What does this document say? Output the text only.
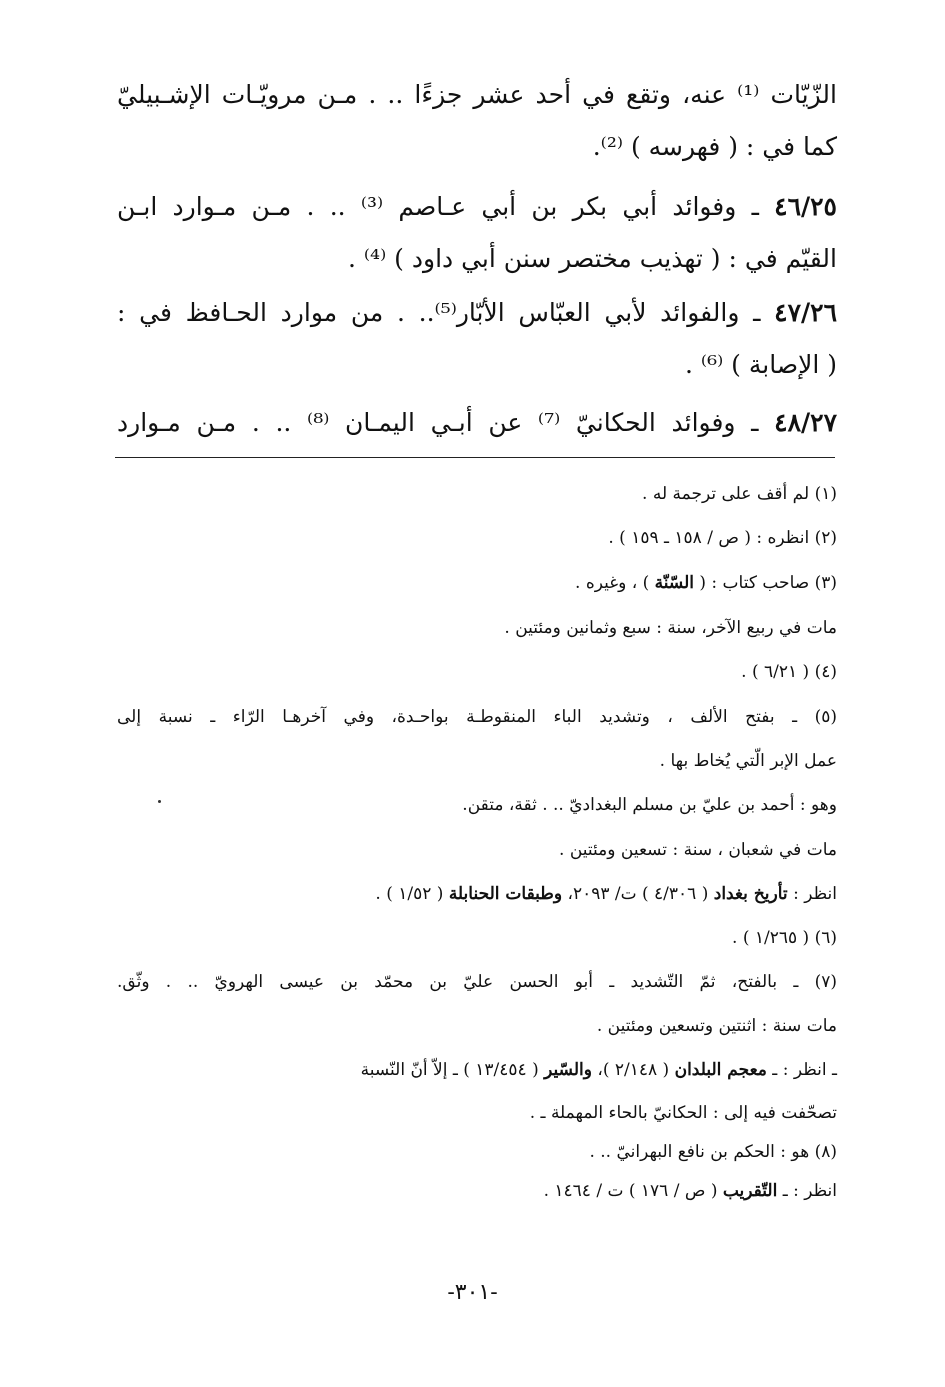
الزّيّات ⁽¹⁾ عنه، وتقع في أحد عشر جزءًا .. . مـن مرويّـات الإشـبيليّ
كما في : ( فهرسه ) ⁽²⁾.
٤٦/٢٥ ـ وفوائد أبي بكر بن أبي عـاصم ⁽³⁾ .. . مـن مـوارد ابـن
القيّم في : ( تهذيب مختصر سنن أبي داود ) ⁽⁴⁾ .
٤٧/٢٦ ـ والفوائد لأبي العبّاس الأبّار⁽⁵⁾.. . من موارد الحـافظ في :
( الإصابة ) ⁽⁶⁾ .
٤٨/٢٧ ـ وفوائد الحكانيّ ⁽⁷⁾ عن أبـي اليمـان ⁽⁸⁾ .. . مـن مـوارد
(١) لم أقف على ترجمة له .
(٢) انظره : ( ص / ١٥٨ ـ ١٥٩ ) .
(٣) صاحب كتاب : ( السّنّة ) ، وغيره .
مات في ربيع الآخر، سنة : سبع وثمانين ومئتين .
(٤) ( ٦/٢١ ) .
(٥) ـ بفتح الألف ، وتشديد الباء المنقوطـة بواحـدة، وفي آخرهـا الرّاء ـ نسبة إلى
عمل الإبر الّتي يُخاط بها .
وهو : أحمد بن عليّ بن مسلم البغداديّ .. . ثقة، متقن.
مات في شعبان ، سنة : تسعين ومئتين .
انظر : تأريخ بغداد ( ٤/٣٠٦ ) ت/ ٢٠٩٣، وطبقات الحنابلة ( ١/٥٢ ) .
(٦) ( ١/٢٦٥ ) .
(٧) ـ بالفتح، ثمّ التّشديد ـ أبو الحسن عليّ بن محمّد بن عيسى الهرويّ .. . وثّق.
مات سنة : اثنتين وتسعين ومئتين .
ـ انظر : ـ معجم البلدان ( ٢/١٤٨ )، والسّير ( ١٣/٤٥٤ ) ـ إلاّ أنّ النّسبة
تصحّفت فيه إلى : الحكانيّ بالحاء المهملة ـ .
(٨) هو : الحكم بن نافع البهرانيّ .. .
انظر : ـ التّقريب ( ص / ١٧٦ ) ت / ١٤٦٤ .
-٣٠١-
